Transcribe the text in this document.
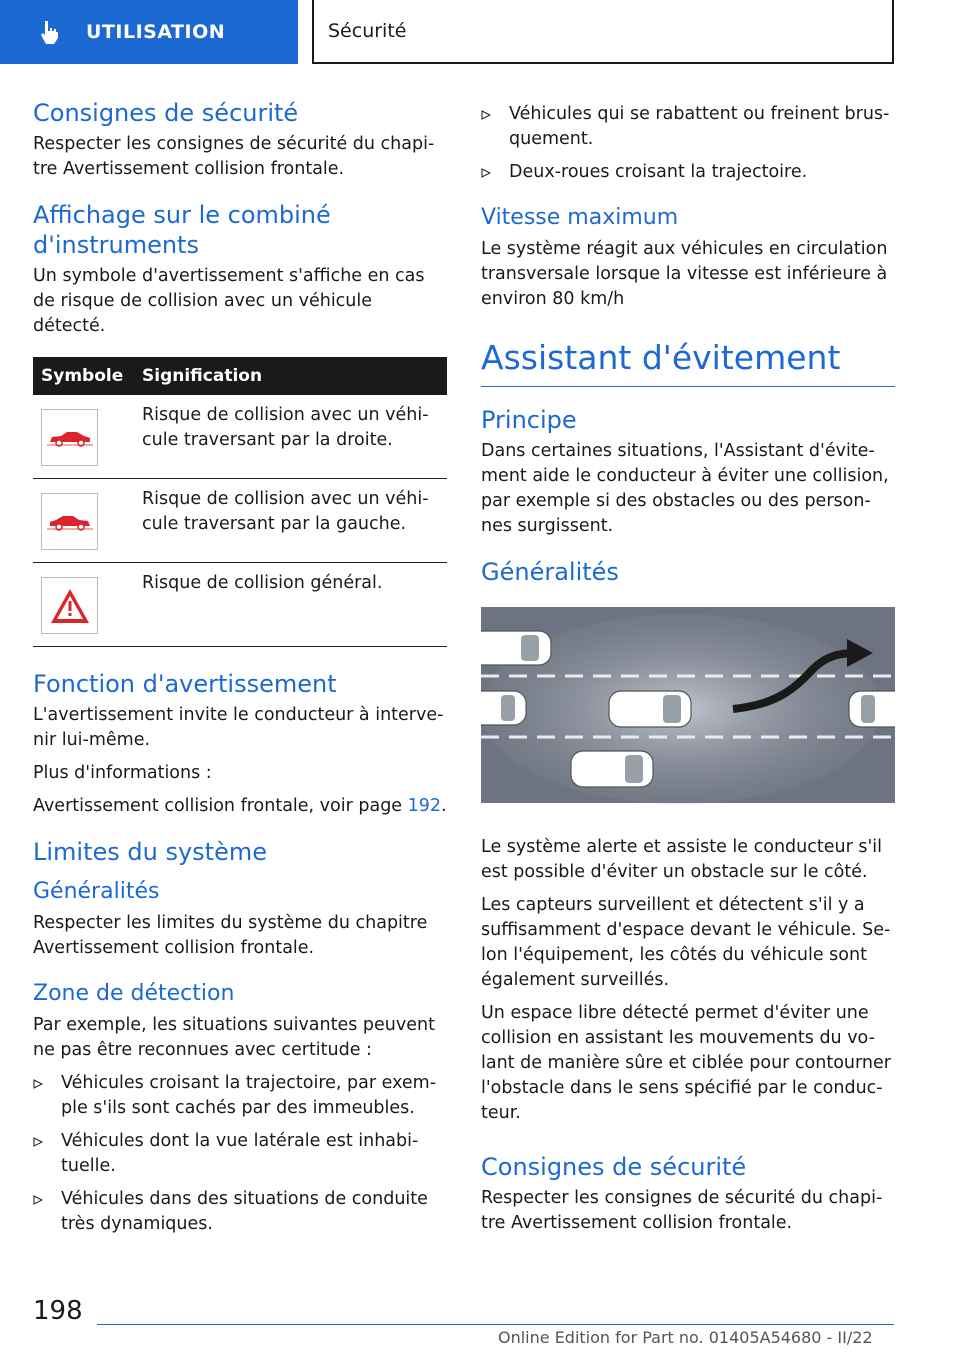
UTILISATION	Sécurité
Consignes de sécurité

Respecter les consignes de sécurité du chapi-tre Avertissement collision frontale.

Affichage sur le combiné d'instruments

Un symbole d'avertissement s'affiche en cas de risque de collision avec un véhicule détecté.

Symbole	Signification

	Risque de collision avec un véhi-cule traversant par la droite.

	Risque de collision avec un véhi-cule traversant par la gauche.

	Risque de collision général.
Fonction d'avertissement

L'avertissement invite le conducteur à interve-nir lui-même.

Plus d'informations :

Avertissement collision frontale, voir page 192.

Limites du système
Généralités

Respecter les limites du système du chapitre Avertissement collision frontale.

Zone de détection

Par exemple, les situations suivantes peuvent ne pas être reconnues avec certitude :

Véhicules croisant la trajectoire, par exem-ple s'ils sont cachés par des immeubles.
Véhicules dont la vue latérale est inhabi-tuelle.
Véhicules dans des situations de conduite très dynamiques.
Véhicules qui se rabattent ou freinent brus-quement.
Deux-roues croisant la trajectoire.
Vitesse maximum

Le système réagit aux véhicules en circulation transversale lorsque la vitesse est inférieure à environ 80 km/h

Assistant d'évitement
Principe

Dans certaines situations, l'Assistant d'évite-ment aide le conducteur à éviter une collision, par exemple si des obstacles ou des person-nes surgissent.

Généralités

Le système alerte et assiste le conducteur s'il est possible d'éviter un obstacle sur le côté.

Les capteurs surveillent et détectent s'il y a suffisamment d'espace devant le véhicule. Se-lon l'équipement, les côtés du véhicule sont également surveillés.

Un espace libre détecté permet d'éviter une collision en assistant les mouvements du vo-lant de manière sûre et ciblée pour contourner l'obstacle dans le sens spécifié par le conduc-teur.

Consignes de sécurité

Respecter les consignes de sécurité du chapi-tre Avertissement collision frontale.

198
Online Edition for Part no. 01405A54680 - II/22
